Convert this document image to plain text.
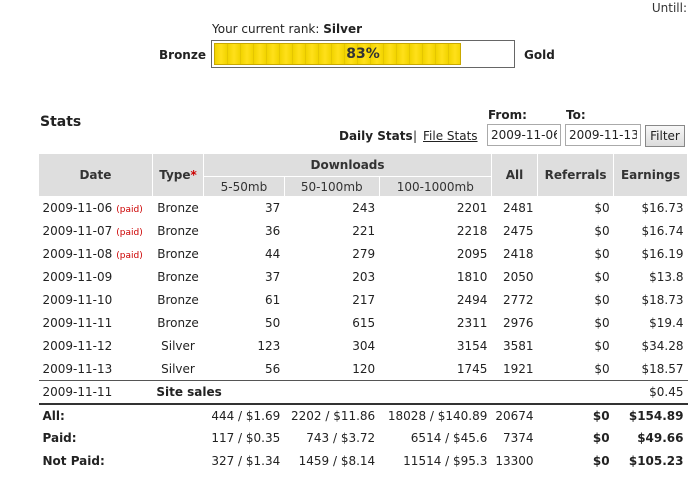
Untill:
Your current rank: Silver
Bronze	83%	Gold
Stats
Daily Stats | File Stats
From:	To:
2009-11-06
2009-11-13
Filter
Date	Type*	Downloads			All	Referrals	Earnings
		5-50mb	50-100mb	100-1000mb			
2009-11-06 (paid)	Bronze	37	243	2201	2481	$0	$16.73
2009-11-07 (paid)	Bronze	36	221	2218	2475	$0	$16.74
2009-11-08 (paid)	Bronze	44	279	2095	2418	$0	$16.19
2009-11-09	Bronze	37	203	1810	2050	$0	$13.8
2009-11-10	Bronze	61	217	2494	2772	$0	$18.73
2009-11-11	Bronze	50	615	2311	2976	$0	$19.4
2009-11-12	Silver	123	304	3154	3581	$0	$34.28
2009-11-13	Silver	56	120	1745	1921	$0	$18.57
2009-11-11	Site sales						$0.45
All:		444 / $1.69	2202 / $11.86	18028 / $140.89	20674	$0	$154.89
Paid:		117 / $0.35	743 / $3.72	6514 / $45.6	7374	$0	$49.66
Not Paid:		327 / $1.34	1459 / $8.14	11514 / $95.3	13300	$0	$105.23
